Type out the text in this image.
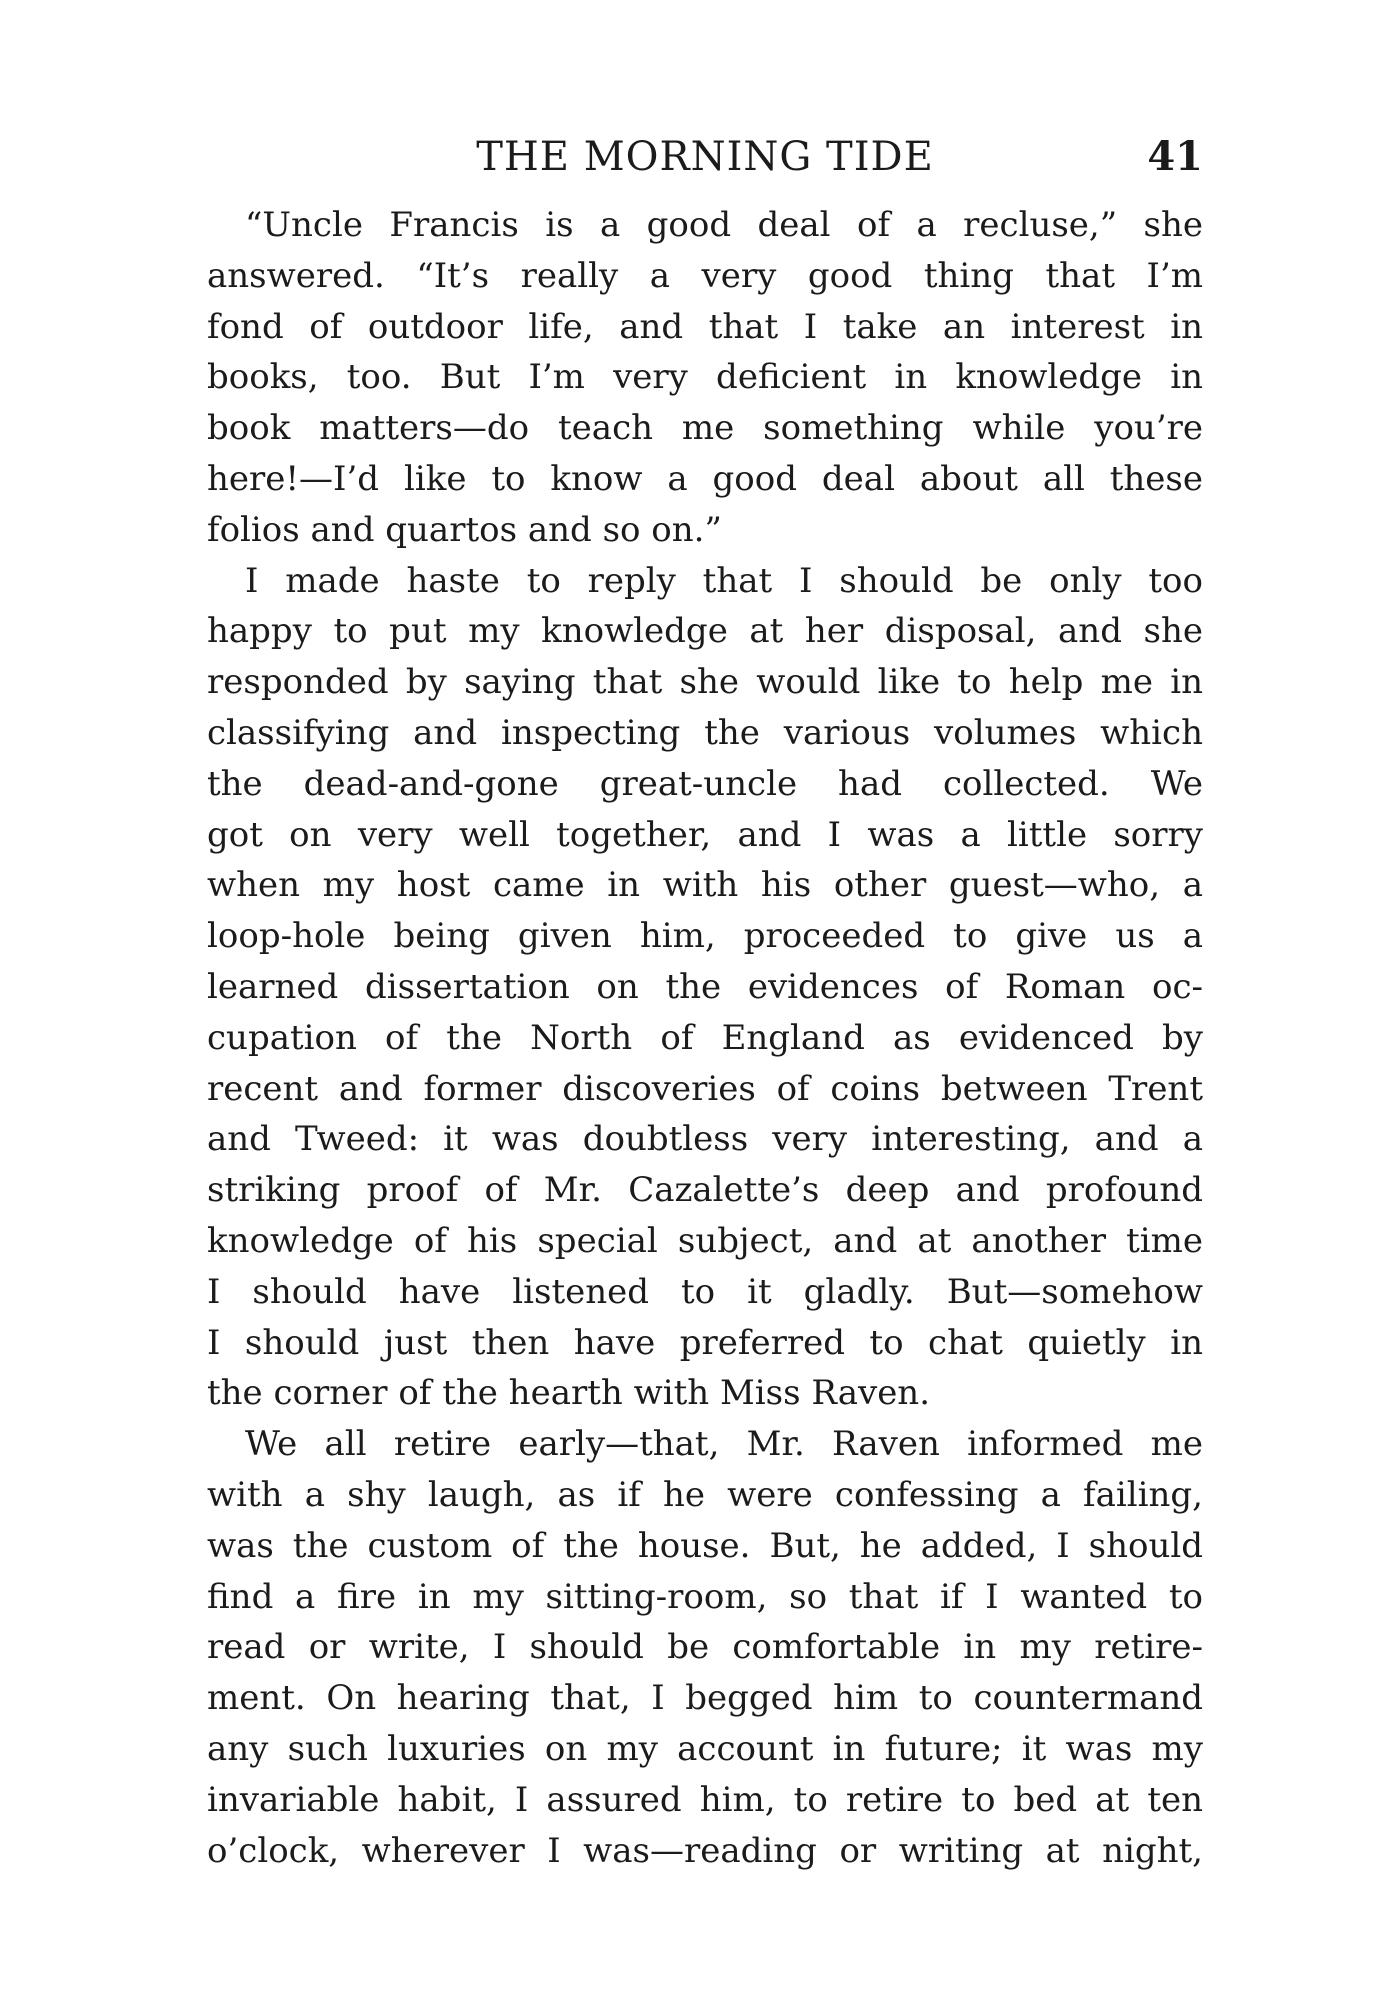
THE MORNING TIDE	41
“Uncle Francis is a good deal of a recluse,” she
answered. “It’s really a very good thing that I’m
fond of outdoor life, and that I take an interest in
books, too. But I’m very deficient in knowledge in
book matters—do teach me something while you’re
here!—I’d like to know a good deal about all these
folios and quartos and so on.”
I made haste to reply that I should be only too
happy to put my knowledge at her disposal, and she
responded by saying that she would like to help me in
classifying and inspecting the various volumes which
the dead-and-gone great-uncle had collected. We
got on very well together, and I was a little sorry
when my host came in with his other guest—who, a
loop-hole being given him, proceeded to give us a
learned dissertation on the evidences of Roman oc-
cupation of the North of England as evidenced by
recent and former discoveries of coins between Trent
and Tweed: it was doubtless very interesting, and a
striking proof of Mr. Cazalette’s deep and profound
knowledge of his special subject, and at another time
I should have listened to it gladly. But—somehow
I should just then have preferred to chat quietly in
the corner of the hearth with Miss Raven.
We all retire early—that, Mr. Raven informed me
with a shy laugh, as if he were confessing a failing,
was the custom of the house. But, he added, I should
find a fire in my sitting-room, so that if I wanted to
read or write, I should be comfortable in my retire-
ment. On hearing that, I begged him to countermand
any such luxuries on my account in future; it was my
invariable habit, I assured him, to retire to bed at ten
o’clock, wherever I was—reading or writing at night,
